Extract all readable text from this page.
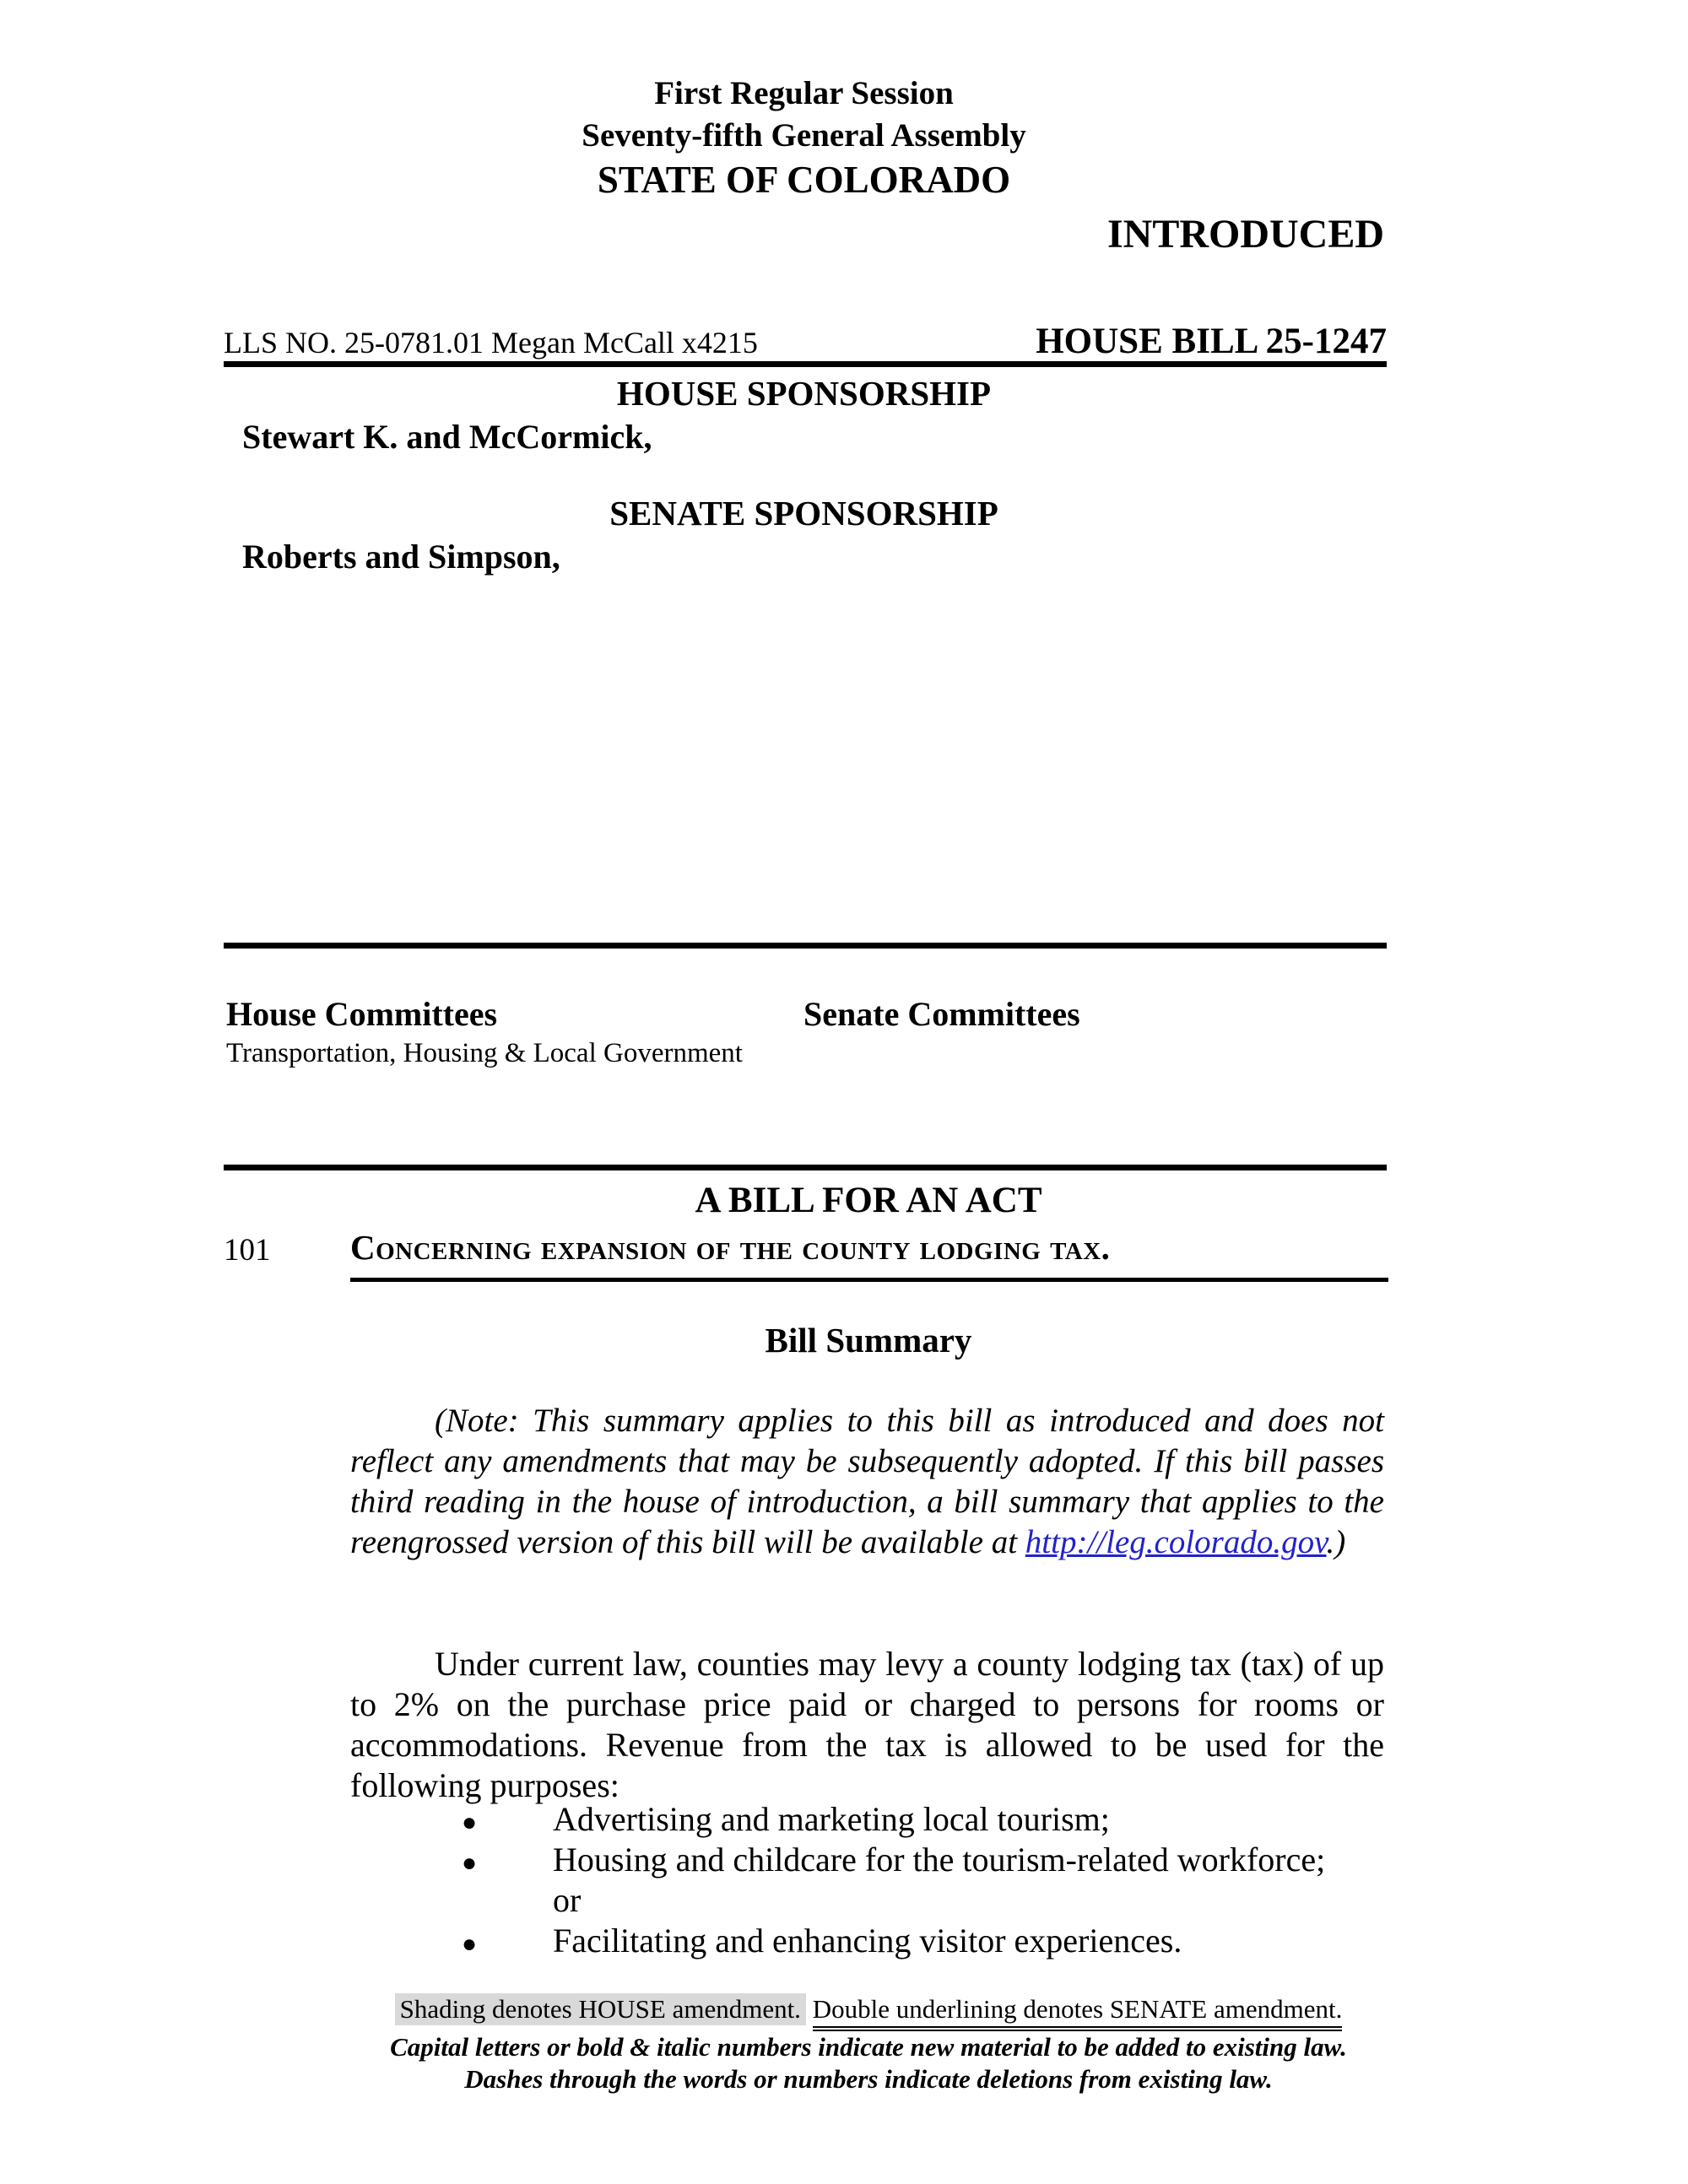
First Regular Session
Seventy-fifth General Assembly
STATE OF COLORADO
INTRODUCED
LLS NO. 25-0781.01 Megan McCall x4215	HOUSE BILL 25-1247
HOUSE SPONSORSHIP
Stewart K. and McCormick,
SENATE SPONSORSHIP
Roberts and Simpson,
House Committees	Senate Committees
Transportation, Housing & Local Government
A BILL FOR AN ACT
101 Concerning expansion of the county lodging tax.
Bill Summary
(Note: This summary applies to this bill as introduced and does not reflect any amendments that may be subsequently adopted. If this bill passes third reading in the house of introduction, a bill summary that applies to the reengrossed version of this bill will be available at http://leg.colorado.gov.)
Under current law, counties may levy a county lodging tax (tax) of up to 2% on the purchase price paid or charged to persons for rooms or accommodations. Revenue from the tax is allowed to be used for the following purposes:
● Advertising and marketing local tourism;
● Housing and childcare for the tourism-related workforce;
or
● Facilitating and enhancing visitor experiences.
Shading denotes HOUSE amendment. Double underlining denotes SENATE amendment.
Capital letters or bold & italic numbers indicate new material to be added to existing law.
Dashes through the words or numbers indicate deletions from existing law.
